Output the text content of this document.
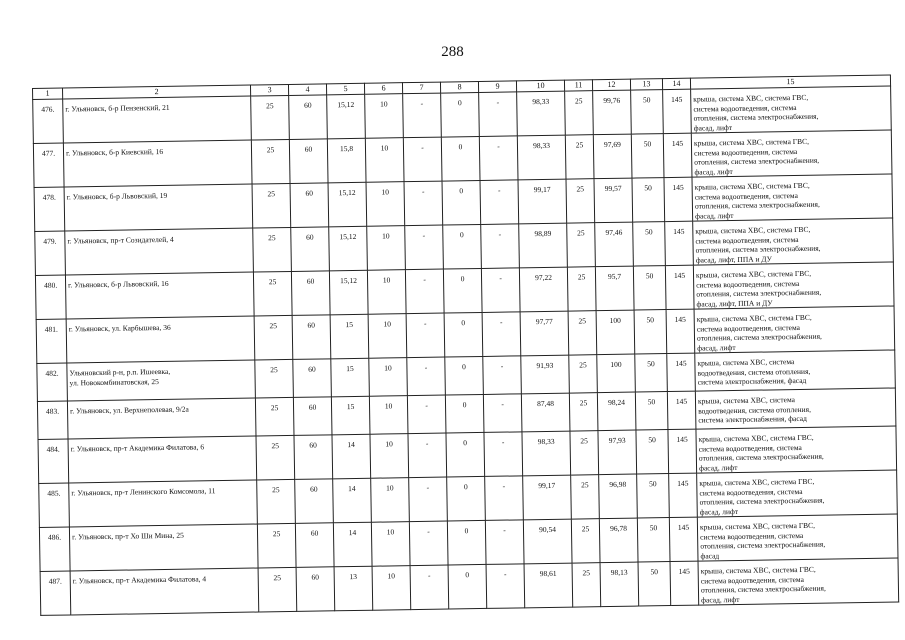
288
1	2	3	4	5	6	7	8	9	10	11	12	13	14	15
476.	г. Ульяновск, б-р Пензенский, 21	25	60	15,12	10	-	0	-	98,33	25	99,76	50	145	крыша, система ХВС, система ГВС,
система водоотведения, система
отопления, система электроснабжения,
фасад, лифт
477.	г. Ульяновск, б-р Киевский, 16	25	60	15,8	10	-	0	-	98,33	25	97,69	50	145	крыша, система ХВС, система ГВС,
система водоотведения, система
отопления, система электроснабжения,
фасад, лифт
478.	г. Ульяновск, б-р Львовский, 19	25	60	15,12	10	-	0	-	99,17	25	99,57	50	145	крыша, система ХВС, система ГВС,
система водоотведения, система
отопления, система электроснабжения,
фасад, лифт
479.	г. Ульяновск, пр-т Созидателей, 4	25	60	15,12	10	-	0	-	98,89	25	97,46	50	145	крыша, система ХВС, система ГВС,
система водоотведения, система
отопления, система электроснабжения,
фасад, лифт, ППА и ДУ
480.	г. Ульяновск, б-р Львовский, 16	25	60	15,12	10	-	0	-	97,22	25	95,7	50	145	крыша, система ХВС, система ГВС,
система водоотведения, система
отопления, система электроснабжения,
фасад, лифт, ППА и ДУ
481.	г. Ульяновск, ул. Карбышева, 36	25	60	15	10	-	0	-	97,77	25	100	50	145	крыша, система ХВС, система ГВС,
система водоотведения, система
отопления, система электроснабжения,
фасад, лифт
482.	Ульяновский р-н, р.п. Ишеевка,
ул. Новокомбинатовская, 25	25	60	15	10	-	0	-	91,93	25	100	50	145	крыша, система ХВС, система
водоотведения, система отопления,
система электроснабжения, фасад
483.	г. Ульяновск, ул. Верхнеполевая, 9/2а	25	60	15	10	-	0	-	87,48	25	98,24	50	145	крыша, система ХВС, система
водоотведения, система отопления,
система электроснабжения, фасад
484.	г. Ульяновск, пр-т Академика Филатова, 6	25	60	14	10	-	0	-	98,33	25	97,93	50	145	крыша, система ХВС, система ГВС,
система водоотведения, система
отопления, система электроснабжения,
фасад, лифт
485.	г. Ульяновск, пр-т Ленинского Комсомола, 11	25	60	14	10	-	0	-	99,17	25	96,98	50	145	крыша, система ХВС, система ГВС,
система водоотведения, система
отопления, система электроснабжения,
фасад, лифт
486.	г. Ульяновск, пр-т Хо Ши Мина, 25	25	60	14	10	-	0	-	90,54	25	96,78	50	145	крыша, система ХВС, система ГВС,
система водоотведения, система
отопления, система электроснабжения,
фасад
487.	г. Ульяновск, пр-т Академика Филатова, 4	25	60	13	10	-	0	-	98,61	25	98,13	50	145	крыша, система ХВС, система ГВС,
система водоотведения, система
отопления, система электроснабжения,
фасад, лифт
